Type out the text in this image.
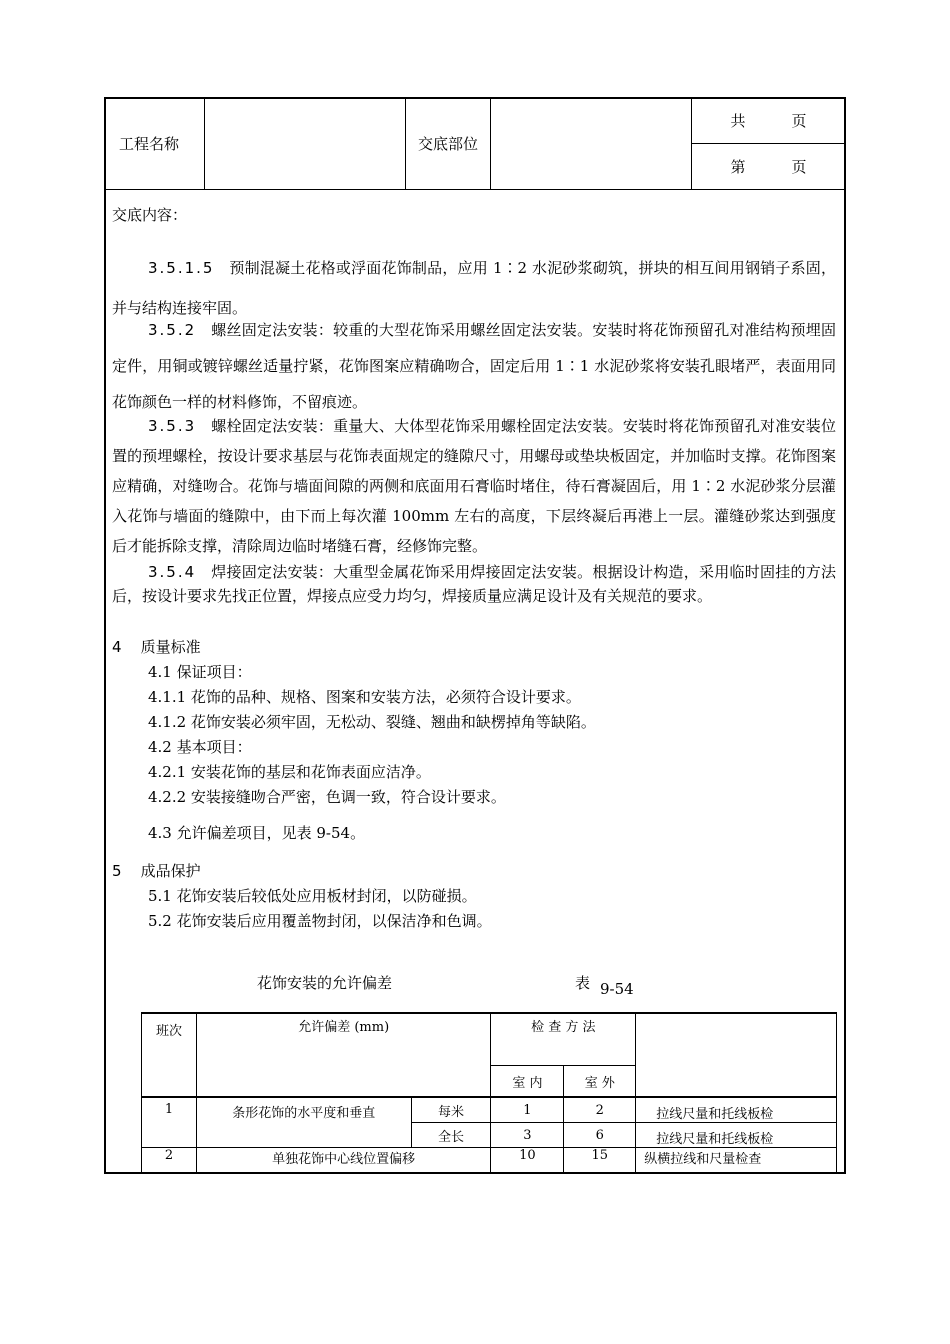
工程名称		交底部位		
共	页

第	页
交底内容：
3.5.1.5 预制混凝土花格或浮面花饰制品，应用 1∶2 水泥砂浆砌筑，拼块的相互间用钢销子系固，并与结构连接牢固。
3.5.2 螺丝固定法安装：较重的大型花饰采用螺丝固定法安装。安装时将花饰预留孔对准结构预埋固定件，用铜或镀锌螺丝适量拧紧，花饰图案应精确吻合，固定后用 1∶1 水泥砂浆将安装孔眼堵严，表面用同花饰颜色一样的材料修饰，不留痕迹。
3.5.3 螺栓固定法安装：重量大、大体型花饰采用螺栓固定法安装。安装时将花饰预留孔对准安装位置的预埋螺栓，按设计要求基层与花饰表面规定的缝隙尺寸，用螺母或垫块板固定，并加临时支撑。花饰图案应精确，对缝吻合。花饰与墙面间隙的两侧和底面用石膏临时堵住，待石膏凝固后，用 1∶2 水泥砂浆分层灌入花饰与墙面的缝隙中，由下而上每次灌 100mm 左右的高度，下层终凝后再港上一层。灌缝砂浆达到强度后才能拆除支撑，清除周边临时堵缝石膏，经修饰完整。
3.5.4 焊接固定法安装：大重型金属花饰采用焊接固定法安装。根据设计构造，采用临时固挂的方法后，按设计要求先找正位置，焊接点应受力均匀，焊接质量应满足设计及有关规范的要求。
4 质量标准
4.1 保证项目：
4.1.1 花饰的品种、规格、图案和安装方法，必须符合设计要求。
4.1.2 花饰安装必须牢固，无松动、裂缝、翘曲和缺楞掉角等缺陷。
4.2 基本项目：
4.2.1 安装花饰的基层和花饰表面应洁净。
4.2.2 安装接缝吻合严密，色调一致，符合设计要求。
4.3 允许偏差项目，见表 9-54。
5 成品保护
5.1 花饰安装后较低处应用板材封闭，以防碰损。
5.2 花饰安装后应用覆盖物封闭，以保洁净和色调。
花饰安装的允许偏差	表 9-54
班次	允许偏差 (mm)		检 查 方 法		
			室 内	室 外	
1	条形花饰的水平度和垂直	每米	1	2	拉线尺量和托线板检
		全长	3	6	拉线尺量和托线板检
2	单独花饰中心线位置偏移		10	15	纵横拉线和尺量检查
